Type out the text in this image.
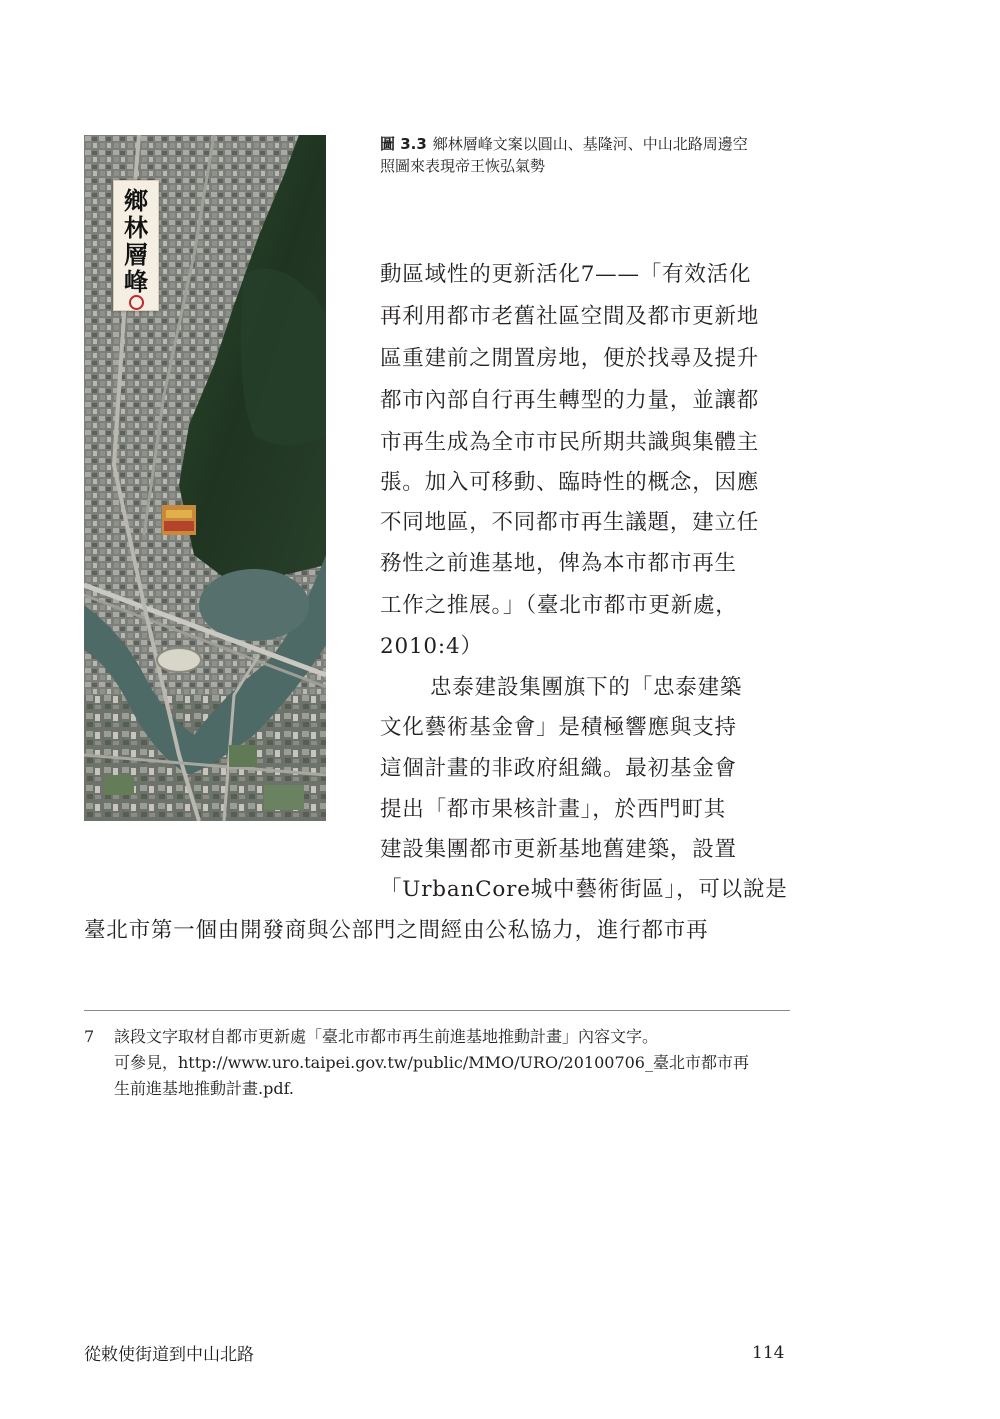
鄉
林
層
峰
圖 3.3 鄉林層峰文案以圓山、基隆河、中山北路周邊空
照圖來表現帝王恢弘氣勢
動區域性的更新活化7——「有效活化
再利用都市老舊社區空間及都市更新地
區重建前之閒置房地，便於找尋及提升
都市內部自行再生轉型的力量，並讓都
市再生成為全市市民所期共識與集體主
張。加入可移動、臨時性的概念，因應
不同地區，不同都市再生議題，建立任
務性之前進基地，俾為本市都市再生
工作之推展。」（臺北市都市更新處，
2010:4）
忠泰建設集團旗下的「忠泰建築
文化藝術基金會」是積極響應與支持
這個計畫的非政府組織。最初基金會
提出「都市果核計畫」，於西門町其
建設集團都市更新基地舊建築，設置
「UrbanCore城中藝術街區」，可以說是
臺北市第一個由開發商與公部門之間經由公私協力，進行都市再
7 該段文字取材自都市更新處「臺北市都市再生前進基地推動計畫」內容文字。
可參見，http://www.uro.taipei.gov.tw/public/MMO/URO/20100706_臺北市都市再
生前進基地推動計畫.pdf.
從敕使街道到中山北路	114
